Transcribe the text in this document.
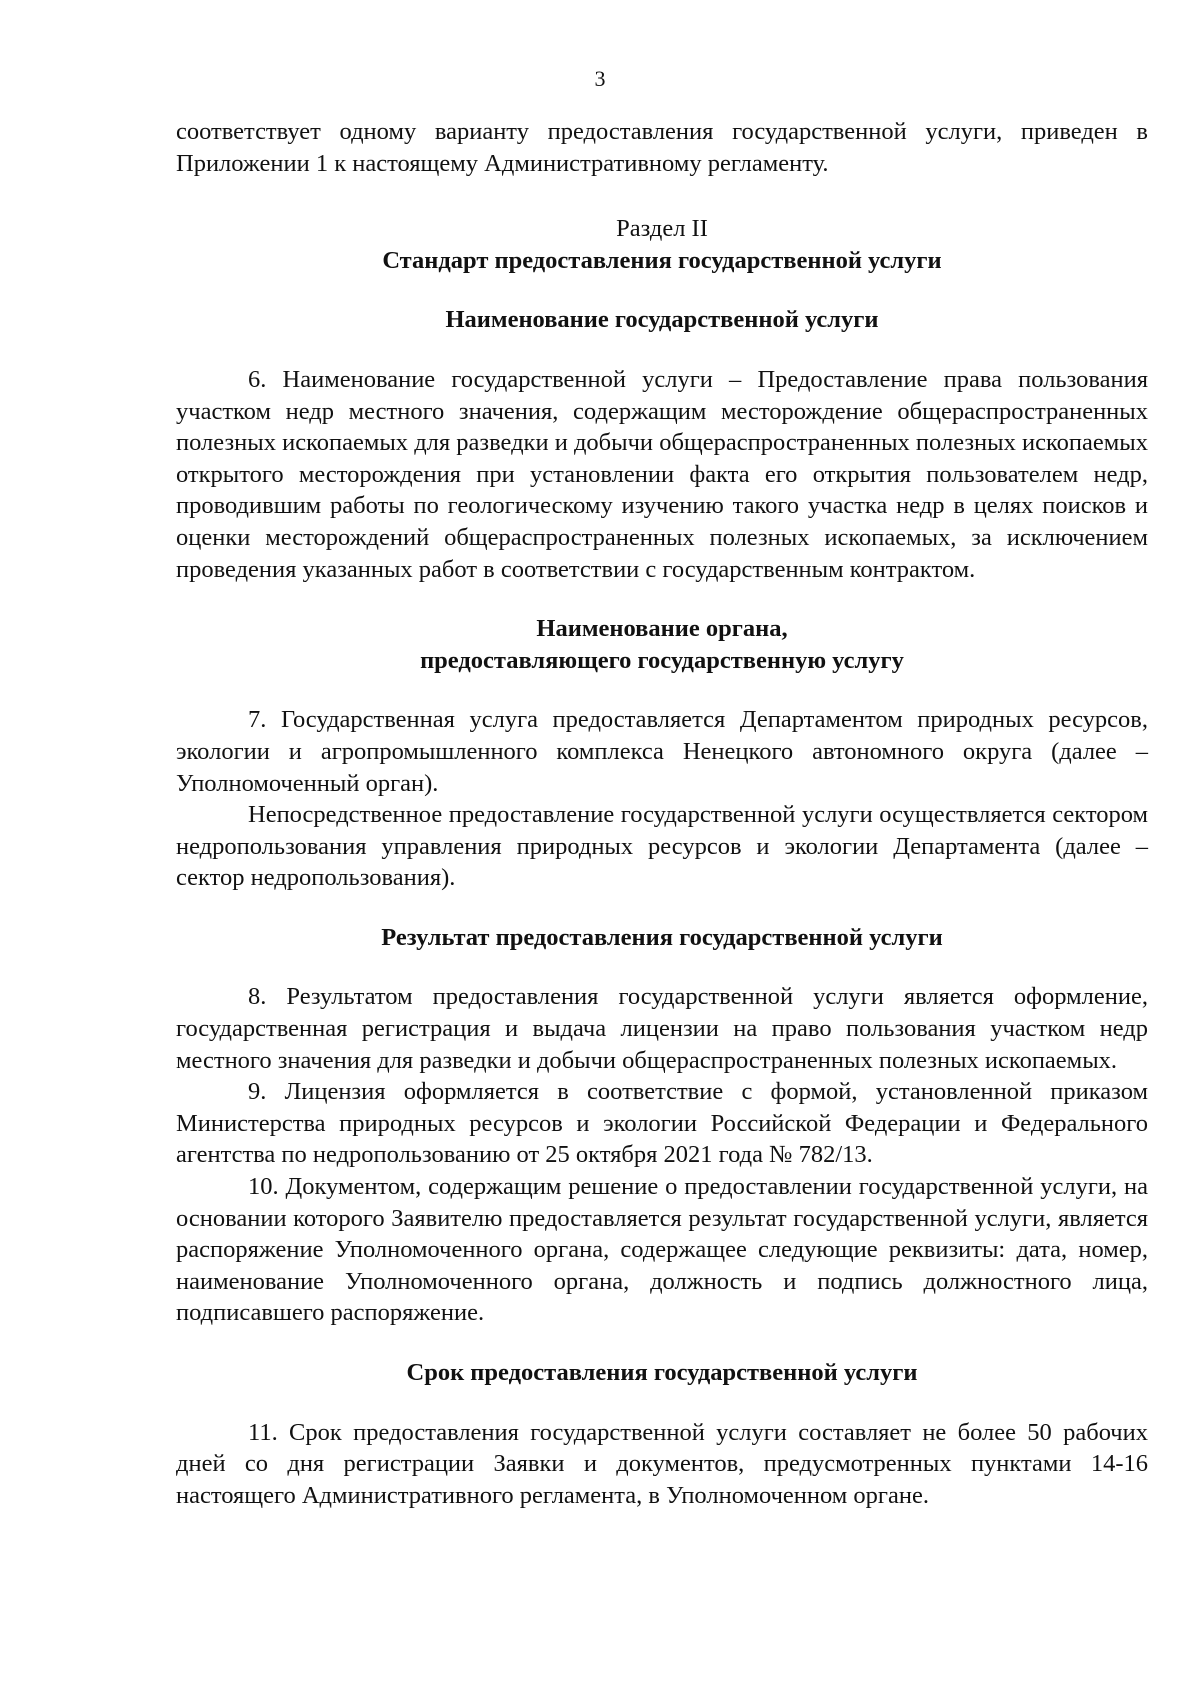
3

соответствует одному варианту предоставления государственной услуги, приведен в Приложении 1 к настоящему Административному регламенту.

Раздел II

Стандарт предоставления государственной услуги

Наименование государственной услуги

6. Наименование государственной услуги – Предоставление права пользования участком недр местного значения, содержащим месторождение общераспространенных полезных ископаемых для разведки и добычи общераспространенных полезных ископаемых открытого месторождения при установлении факта его открытия пользователем недр, проводившим работы по геологическому изучению такого участка недр в целях поисков и оценки месторождений общераспространенных полезных ископаемых, за исключением проведения указанных работ в соответствии с государственным контрактом.

Наименование органа,

предоставляющего государственную услугу

7. Государственная услуга предоставляется Департаментом природных ресурсов, экологии и агропромышленного комплекса Ненецкого автономного округа (далее – Уполномоченный орган).

Непосредственное предоставление государственной услуги осуществляется сектором недропользования управления природных ресурсов и экологии Департамента (далее – сектор недропользования).

Результат предоставления государственной услуги

8. Результатом предоставления государственной услуги является оформление, государственная регистрация и выдача лицензии на право пользования участком недр местного значения для разведки и добычи общераспространенных полезных ископаемых.

9. Лицензия оформляется в соответствие с формой, установленной приказом Министерства природных ресурсов и экологии Российской Федерации и Федерального агентства по недропользованию от 25 октября 2021 года № 782/13.

10. Документом, содержащим решение о предоставлении государственной услуги, на основании которого Заявителю предоставляется результат государственной услуги, является распоряжение Уполномоченного органа, содержащее следующие реквизиты: дата, номер, наименование Уполномоченного органа, должность и подпись должностного лица, подписавшего распоряжение.

Срок предоставления государственной услуги

11. Срок предоставления государственной услуги составляет не более 50 рабочих дней со дня регистрации Заявки и документов, предусмотренных пунктами 14-16 настоящего Административного регламента, в Уполномоченном органе.
